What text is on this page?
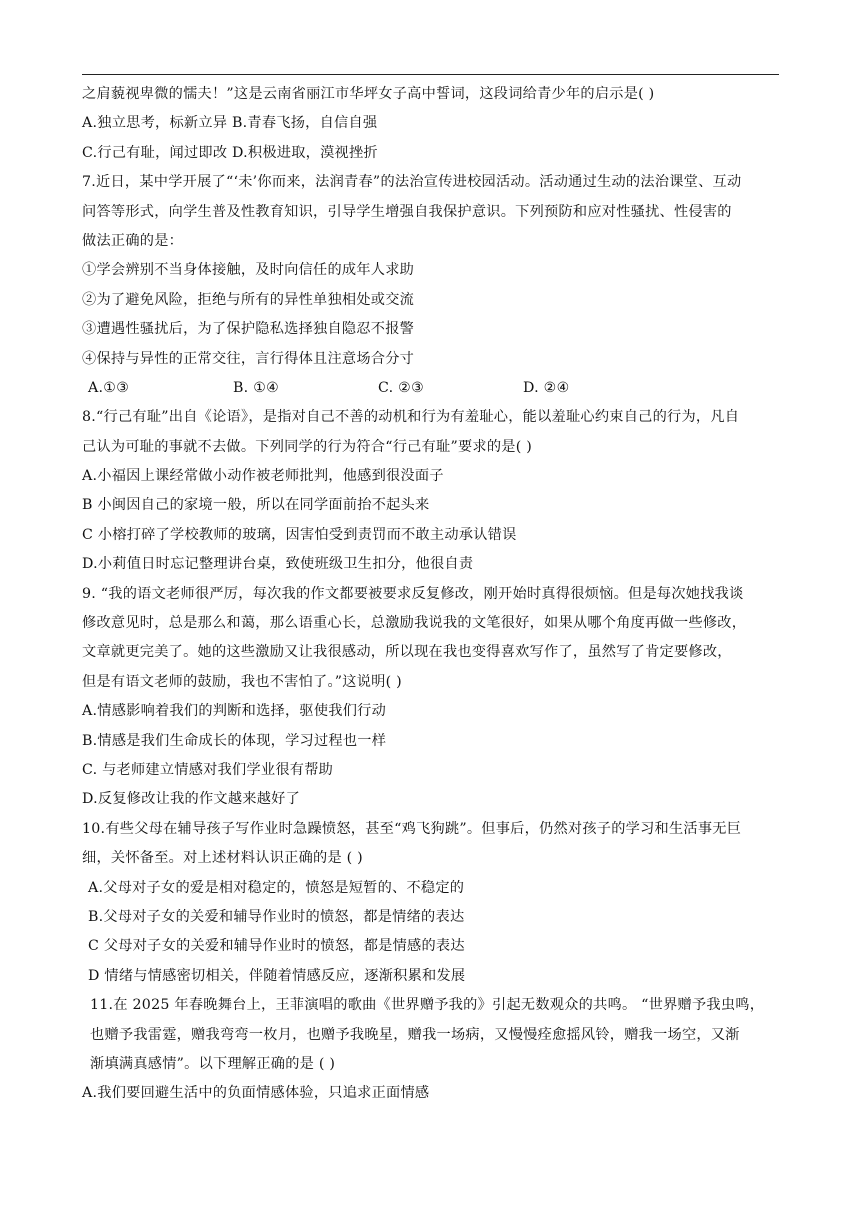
之肩藐视卑微的懦夫！”这是云南省丽江市华坪女子高中誓词，这段词给青少年的启示是( )
A.独立思考，标新立异 B.青春飞扬，自信自强
C.行己有耻，闻过即改 D.积极进取，漠视挫折
7.近日，某中学开展了“‘未’你而来，法润青春”的法治宣传进校园活动。活动通过生动的法治课堂、互动
问答等形式，向学生普及性教育知识，引导学生增强自我保护意识。下列预防和应对性骚扰、性侵害的
做法正确的是：
①学会辨别不当身体接触，及时向信任的成年人求助
②为了避免风险，拒绝与所有的异性单独相处或交流
③遭遇性骚扰后，为了保护隐私选择独自隐忍不报警
④保持与异性的正常交往，言行得体且注意场合分寸
A.①③	B. ①④	C. ②③	D. ②④
8.“行己有耻”出自《论语》，是指对自己不善的动机和行为有羞耻心，能以羞耻心约束自己的行为，凡自
己认为可耻的事就不去做。下列同学的行为符合“行己有耻”要求的是( )
A.小福因上课经常做小动作被老师批判，他感到很没面子
B 小闽因自己的家境一般，所以在同学面前抬不起头来
C 小榕打碎了学校教师的玻璃，因害怕受到责罚而不敢主动承认错误
D.小莉值日时忘记整理讲台桌，致使班级卫生扣分，他很自责
9. “我的语文老师很严厉，每次我的作文都要被要求反复修改，刚开始时真得很烦恼。但是每次她找我谈
修改意见时，总是那么和蔼，那么语重心长，总激励我说我的文笔很好，如果从哪个角度再做一些修改，
文章就更完美了。她的这些激励又让我很感动，所以现在我也变得喜欢写作了，虽然写了肯定要修改，
但是有语文老师的鼓励，我也不害怕了。”这说明( )
A.情感影响着我们的判断和选择，驱使我们行动
B.情感是我们生命成长的体现，学习过程也一样
C. 与老师建立情感对我们学业很有帮助
D.反复修改让我的作文越来越好了
10.有些父母在辅导孩子写作业时急躁愤怒，甚至“鸡飞狗跳”。但事后，仍然对孩子的学习和生活事无巨
细，关怀备至。对上述材料认识正确的是 ( )
A.父母对子女的爱是相对稳定的，愤怒是短暂的、不稳定的
B.父母对子女的关爱和辅导作业时的愤怒，都是情绪的表达
C 父母对子女的关爱和辅导作业时的愤怒，都是情感的表达
D 情绪与情感密切相关，伴随着情感反应，逐渐积累和发展
11.在 2025 年春晚舞台上，王菲演唱的歌曲《世界赠予我的》引起无数观众的共鸣。 “世界赠予我虫鸣，
也赠予我雷霆，赠我弯弯一枚月，也赠予我晚星，赠我一场病，又慢慢痊愈摇风铃，赠我一场空，又渐
渐填满真感情”。以下理解正确的是 ( )
A.我们要回避生活中的负面情感体验，只追求正面情感
